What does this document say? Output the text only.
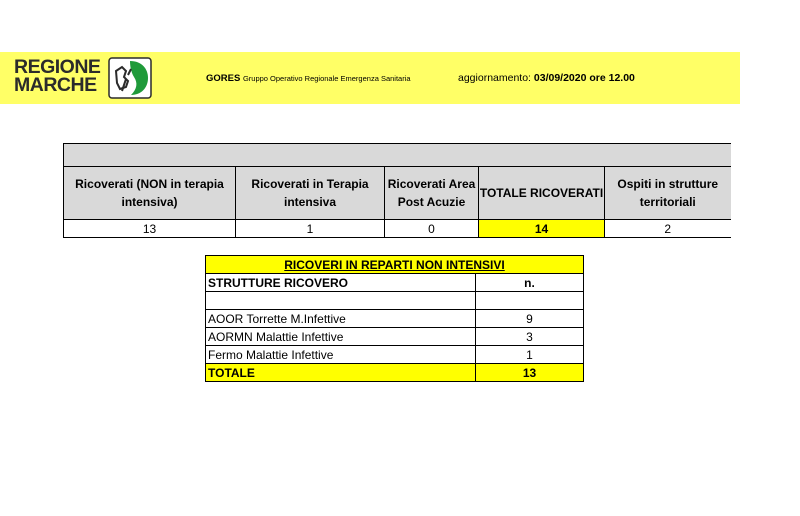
REGIONE
MARCHE	GORES Gruppo Operativo Regionale Emergenza Sanitaria	aggiornamento: 03/09/2020 ore 12.00

Ricoverati (NON in terapia intensiva)	Ricoverati in Terapia intensiva	Ricoverati Area Post Acuzie	TOTALE RICOVERATI	Ospiti in strutture territoriali
13	1	0	14	2
RICOVERI IN REPARTI NON INTENSIVI	
STRUTTURE RICOVERO	n.

AOOR Torrette M.Infettive	9
AORMN Malattie Infettive	3
Fermo Malattie Infettive	1
TOTALE	13
